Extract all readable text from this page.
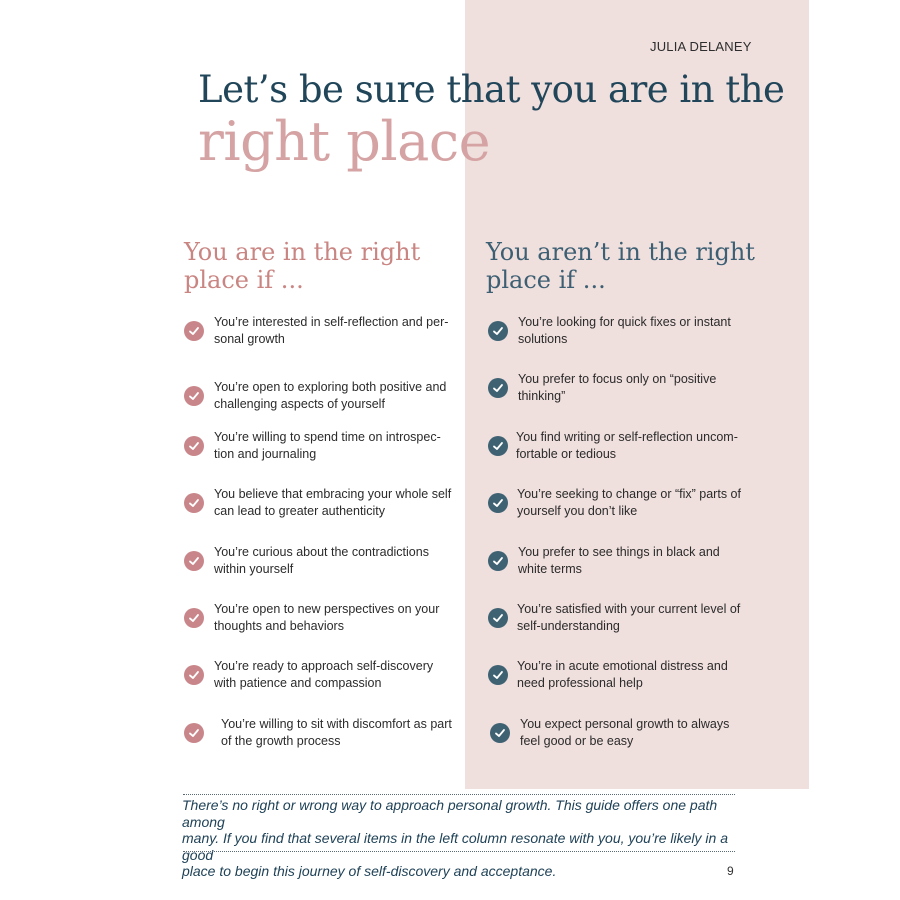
JULIA DELANEY
Let’s be sure that you are in the
right place
You are in the right
place if ...
You aren’t in the right
place if ...
You’re interested in self-reflection and per-
sonal growth
You’re open to exploring both positive and
challenging aspects of yourself
You’re willing to spend time on introspec-
tion and journaling
You believe that embracing your whole self
can lead to greater authenticity
You’re curious about the contradictions
within yourself
You’re open to new perspectives on your
thoughts and behaviors
You’re ready to approach self-discovery
with patience and compassion
You’re willing to sit with discomfort as part
of the growth process
You’re looking for quick fixes or instant
solutions
You prefer to focus only on “positive
thinking”
You find writing or self-reflection uncom-
fortable or tedious
You’re seeking to change or “fix” parts of
yourself you don’t like
You prefer to see things in black and
white terms
You’re satisfied with your current level of
self-understanding
You’re in acute emotional distress and
need professional help
You expect personal growth to always
feel good or be easy
There’s no right or wrong way to approach personal growth. This guide offers one path among
many. If you find that several items in the left column resonate with you, you’re likely in a good
place to begin this journey of self-discovery and acceptance.	9
